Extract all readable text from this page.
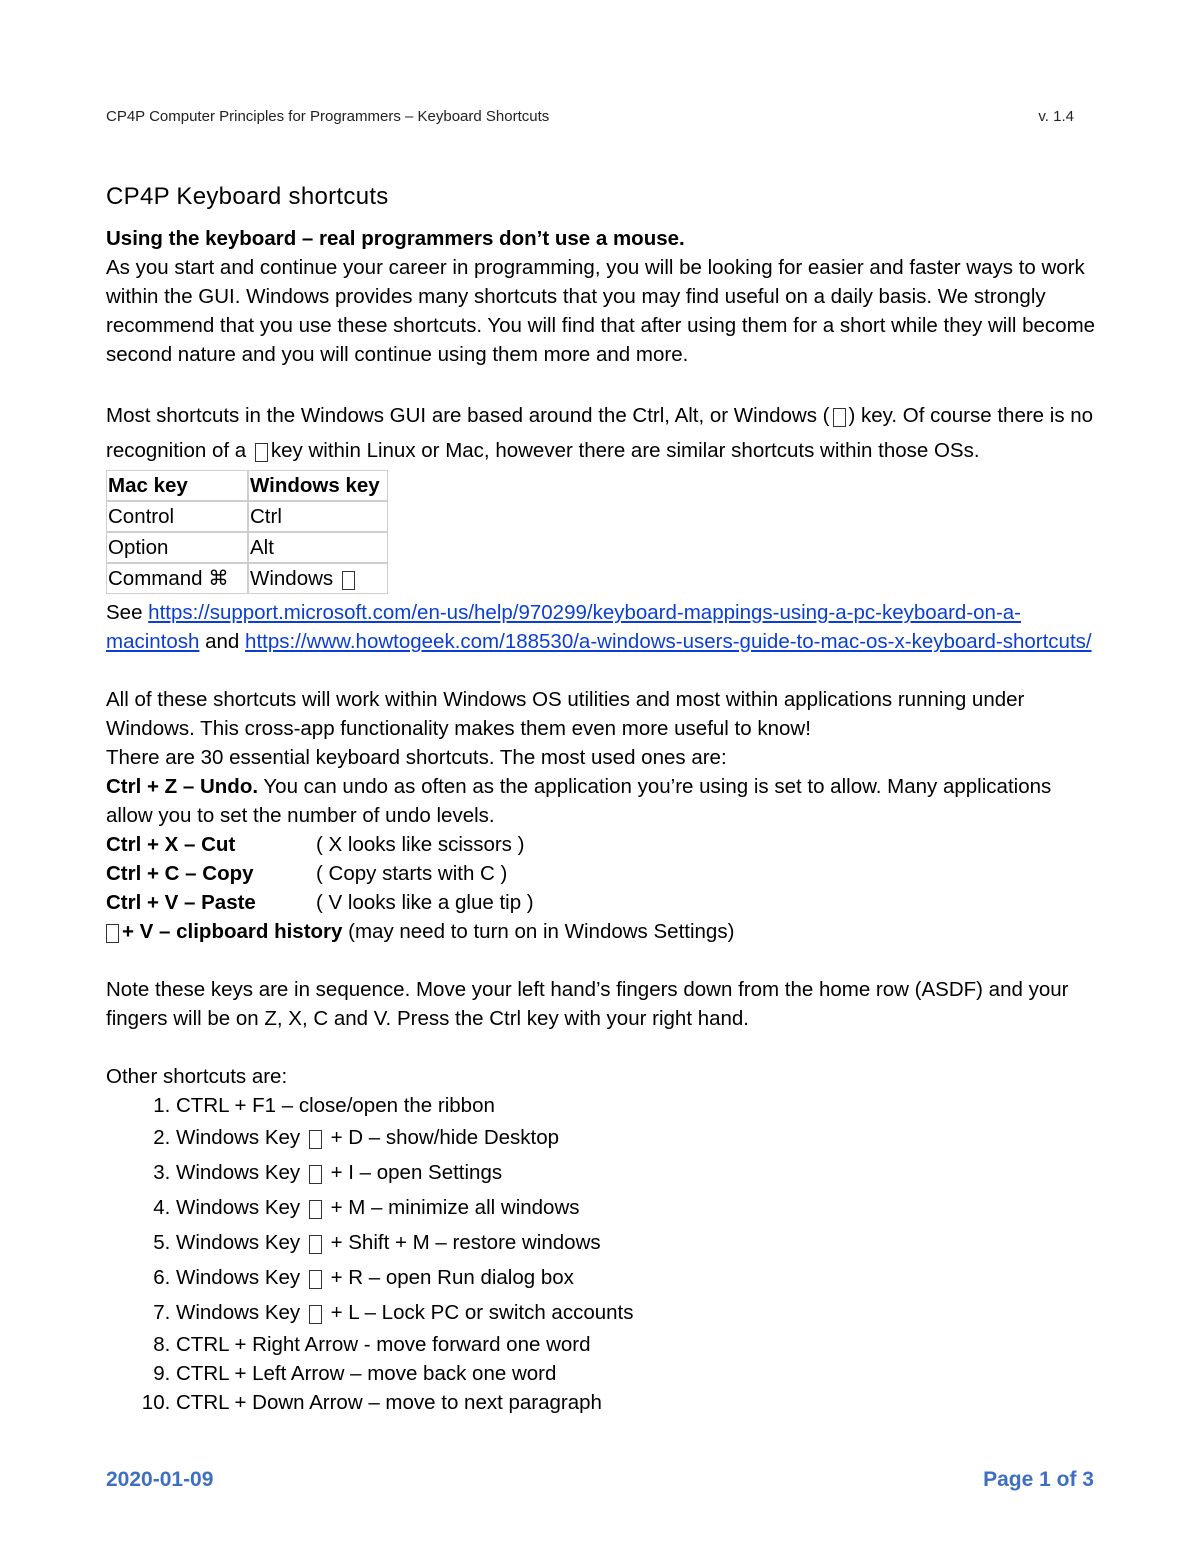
CP4P Computer Principles for Programmers – Keyboard Shortcuts	v. 1.4
CP4P Keyboard shortcuts

Using the keyboard – real programmers don’t use a mouse.

As you start and continue your career in programming, you will be looking for easier and faster ways to work within the GUI. Windows provides many shortcuts that you may find useful on a daily basis. We strongly recommend that you use these shortcuts. You will find that after using them for a short while they will become second nature and you will continue using them more and more.

Most shortcuts in the Windows GUI are based around the Ctrl, Alt, or Windows ( ) key. Of course there is no recognition of a key within Linux or Mac, however there are similar shortcuts within those OSs.

Mac key	Windows key
Control	Ctrl
Option	Alt
Command ⌘	Windows

See https://support.microsoft.com/en-us/help/970299/keyboard-mappings-using-a-pc-keyboard-on-a-macintosh and https://www.howtogeek.com/188530/a-windows-users-guide-to-mac-os-x-keyboard-shortcuts/

All of these shortcuts will work within Windows OS utilities and most within applications running under Windows. This cross-app functionality makes them even more useful to know!

There are 30 essential keyboard shortcuts. The most used ones are:

Ctrl + Z – Undo. You can undo as often as the application you’re using is set to allow. Many applications allow you to set the number of undo levels.

Ctrl + X – Cut	( X looks like scissors )
Ctrl + C – Copy	( Copy starts with C )
Ctrl + V – Paste	( V looks like a glue tip )

+ V – clipboard history (may need to turn on in Windows Settings)

Note these keys are in sequence. Move your left hand’s fingers down from the home row (ASDF) and your fingers will be on Z, X, C and V. Press the Ctrl key with your right hand.

Other shortcuts are:

1. CTRL + F1 – close/open the ribbon
2. Windows Key  + D – show/hide Desktop
3. Windows Key  + I – open Settings
4. Windows Key  + M – minimize all windows
5. Windows Key  + Shift + M – restore windows
6. Windows Key  + R – open Run dialog box
7. Windows Key  + L – Lock PC or switch accounts
8. CTRL + Right Arrow - move forward one word
9. CTRL + Left Arrow – move back one word
10. CTRL + Down Arrow – move to next paragraph
2020-01-09	Page 1 of 3
